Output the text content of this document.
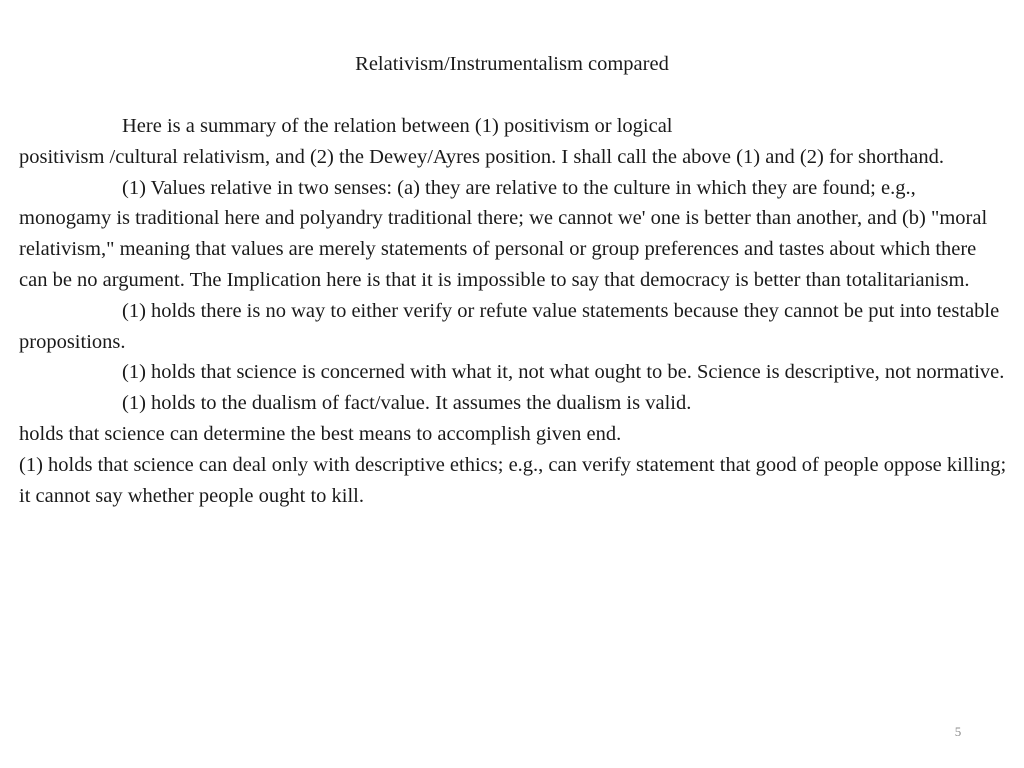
Relativism/Instrumentalism compared

Here is a summary of the relation between (1) positivism or logical

positivism /cultural relativism, and (2) the Dewey/Ayres position. I shall call the above (1) and (2) for shorthand.

(1) Values relative in two senses: (a) they are relative to the culture in which they are found; e.g., monogamy is traditional here and polyandry traditional there; we cannot we' one is better than another, and (b) "moral relativism," meaning that values are merely statements of personal or group preferences and tastes about which there can be no argument. The Implication here is that it is impossible to say that democracy is better than totalitarianism.

(1) holds there is no way to either verify or refute value statements because they cannot be put into testable propositions.

(1) holds that science is concerned with what it, not what ought to be. Science is descriptive, not normative.

(1) holds to the dualism of fact/value. It assumes the dualism is valid.

holds that science can determine the best means to accomplish given end.

(1) holds that science can deal only with descriptive ethics; e.g., can verify statement that good of people oppose killing; it cannot say whether people ought to kill.

5
